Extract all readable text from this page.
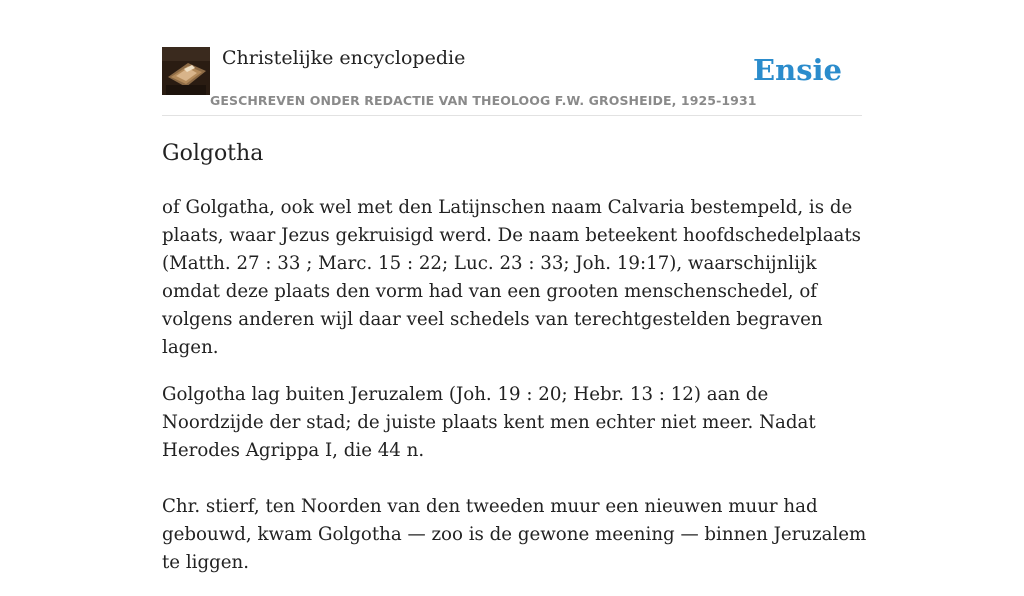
Christelijke encyclopedie
GESCHREVEN ONDER REDACTIE VAN THEOLOOG F.W. GROSHEIDE, 1925-1931
Ensie
Golgotha

of Golgatha, ook wel met den Latijnschen naam Calvaria bestempeld, is de plaats, waar Jezus gekruisigd werd. De naam beteekent hoofdschedelplaats (Matth. 27 : 33 ; Marc. 15 : 22; Luc. 23 : 33; Joh. 19:17), waarschijnlijk omdat deze plaats den vorm had van een grooten menschenschedel, of volgens anderen wijl daar veel schedels van terechtgestelden begraven lagen.

Golgotha lag buiten Jeruzalem (Joh. 19 : 20; Hebr. 13 : 12) aan de Noordzijde der stad; de juiste plaats kent men echter niet meer. Nadat Herodes Agrippa I, die 44 n.

Chr. stierf, ten Noorden van den tweeden muur een nieuwen muur had gebouwd, kwam Golgotha — zoo is de gewone meening — binnen Jeruzalem te liggen.
